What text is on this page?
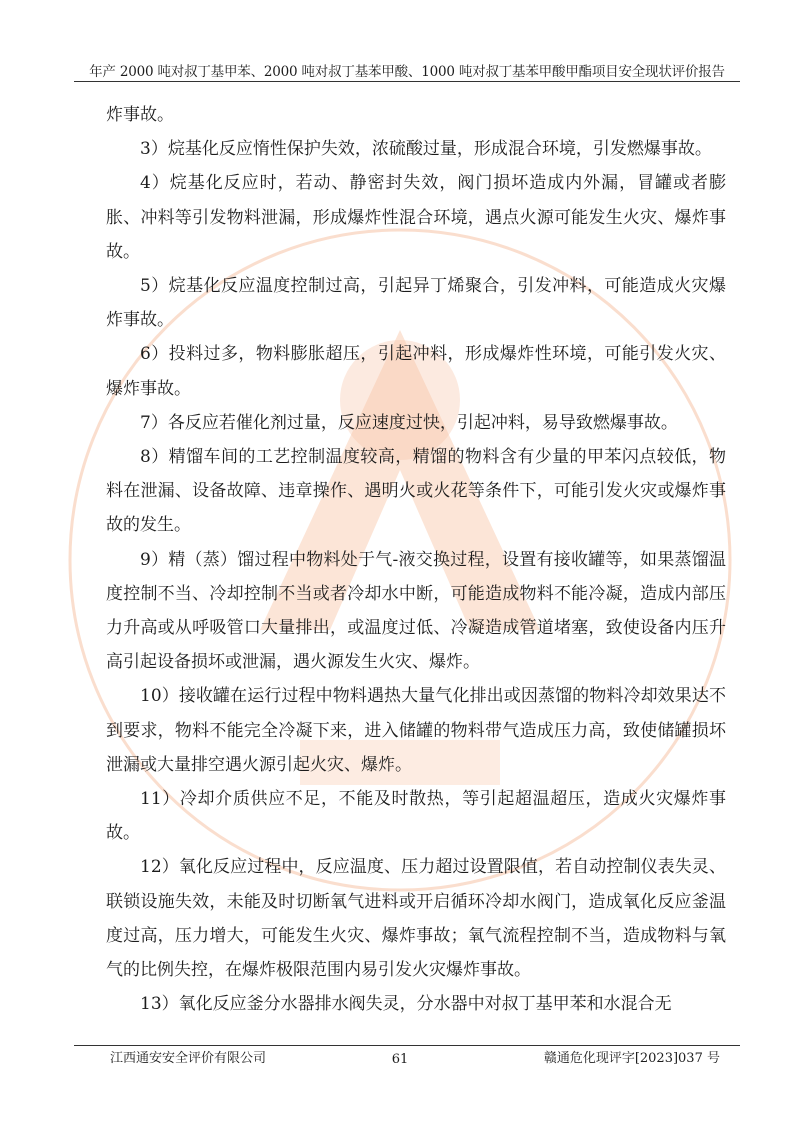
年产 2000 吨对叔丁基甲苯、2000 吨对叔丁基苯甲酸、1000 吨对叔丁基苯甲酸甲酯项目安全现状评价报告

炸事故。

3）烷基化反应惰性保护失效，浓硫酸过量，形成混合环境，引发燃爆事故。

4）烷基化反应时，若动、静密封失效，阀门损坏造成内外漏，冒罐或者膨胀、冲料等引发物料泄漏，形成爆炸性混合环境，遇点火源可能发生火灾、爆炸事故。

5）烷基化反应温度控制过高，引起异丁烯聚合，引发冲料，可能造成火灾爆炸事故。

6）投料过多，物料膨胀超压，引起冲料，形成爆炸性环境，可能引发火灾、爆炸事故。

7）各反应若催化剂过量，反应速度过快，引起冲料，易导致燃爆事故。

8）精馏车间的工艺控制温度较高，精馏的物料含有少量的甲苯闪点较低，物料在泄漏、设备故障、违章操作、遇明火或火花等条件下，可能引发火灾或爆炸事故的发生。

9）精（蒸）馏过程中物料处于气-液交换过程，设置有接收罐等，如果蒸馏温度控制不当、冷却控制不当或者冷却水中断，可能造成物料不能冷凝，造成内部压力升高或从呼吸管口大量排出，或温度过低、冷凝造成管道堵塞，致使设备内压升高引起设备损坏或泄漏，遇火源发生火灾、爆炸。

10）接收罐在运行过程中物料遇热大量气化排出或因蒸馏的物料冷却效果达不到要求，物料不能完全冷凝下来，进入储罐的物料带气造成压力高，致使储罐损坏泄漏或大量排空遇火源引起火灾、爆炸。

11）冷却介质供应不足，不能及时散热，等引起超温超压，造成火灾爆炸事故。

12）氧化反应过程中，反应温度、压力超过设置限值，若自动控制仪表失灵、联锁设施失效，未能及时切断氧气进料或开启循环冷却水阀门，造成氧化反应釜温度过高，压力增大，可能发生火灾、爆炸事故；氧气流程控制不当，造成物料与氧气的比例失控，在爆炸极限范围内易引发火灾爆炸事故。

13）氧化反应釜分水器排水阀失灵，分水器中对叔丁基甲苯和水混合无

江西通安安全评价有限公司	61	赣通危化现评字[2023]037 号
